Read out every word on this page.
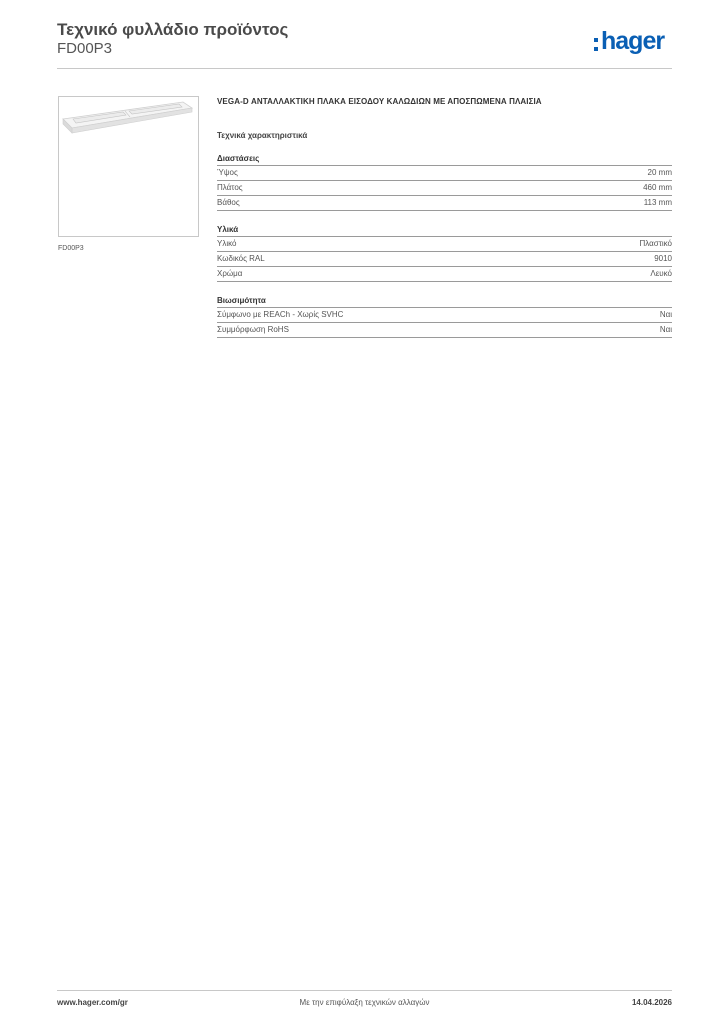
Τεχνικό φυλλάδιο προϊόντος
FD00P3	hager
FD00P3
VEGA-D ΑΝΤΑΛΛΑΚΤΙΚΗ ΠΛΑΚΑ ΕΙΣΟΔΟΥ ΚΑΛΩΔΙΩΝ ΜΕ ΑΠΟΣΠΩΜΕΝΑ ΠΛΑΙΣΙΑ
Τεχνικά χαρακτηριστικά
Διαστάσεις
Ύψος	20 mm
Πλάτος	460 mm
Βάθος	113 mm
Υλικά
Υλικό	Πλαστικό
Κωδικός RAL	9010
Χρώμα	Λευκό
Βιωσιμότητα
Σύμφωνο με REACh - Χωρίς SVHC	Ναι
Συμμόρφωση RoHS	Ναι
www.hager.com/gr	Με την επιφύλαξη τεχνικών αλλαγών	14.04.2026
